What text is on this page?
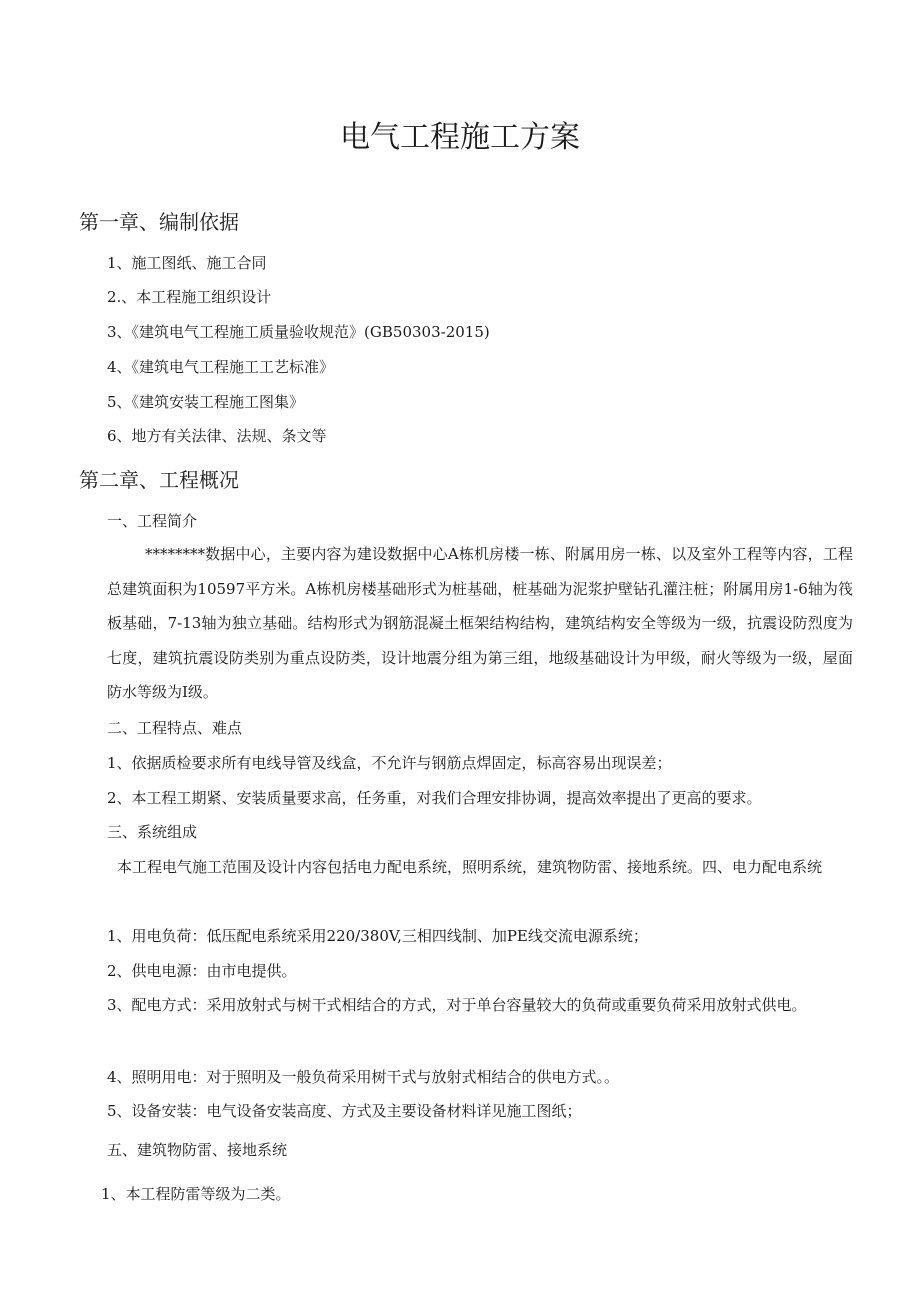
电气工程施工方案
第一章、编制依据
1、施工图纸、施工合同
2.、本工程施工组织设计
3、《建筑电气工程施工质量验收规范》(GB50303-2015)
4、《建筑电气工程施工工艺标准》
5、《建筑安装工程施工图集》
6、地方有关法律、法规、条文等
第二章、工程概况
一、工程简介
********数据中心，主要内容为建设数据中心A栋机房楼一栋、附属用房一栋、以及室外工程等内容，工程总建筑面积为10597平方米。A栋机房楼基础形式为桩基础，桩基础为泥浆护壁钻孔灌注桩；附属用房1-6轴为筏板基础，7-13轴为独立基础。结构形式为钢筋混凝土框架结构结构，建筑结构安全等级为一级，抗震设防烈度为七度，建筑抗震设防类别为重点设防类，设计地震分组为第三组，地级基础设计为甲级，耐火等级为一级，屋面防水等级为I级。
二、工程特点、难点
1、依据质检要求所有电线导管及线盒，不允许与钢筋点焊固定，标高容易出现误差；
2、本工程工期紧、安装质量要求高，任务重，对我们合理安排协调，提高效率提出了更高的要求。
三、系统组成
本工程电气施工范围及设计内容包括电力配电系统，照明系统，建筑物防雷、接地系统。四、电力配电系统
1、用电负荷：低压配电系统采用220/380V,三相四线制、加PE线交流电源系统；
2、供电电源：由市电提供。
3、配电方式：采用放射式与树干式相结合的方式，对于单台容量较大的负荷或重要负荷采用放射式供电。
4、照明用电：对于照明及一般负荷采用树干式与放射式相结合的供电方式。。
5、设备安装：电气设备安装高度、方式及主要设备材料详见施工图纸；
五、建筑物防雷、接地系统
1、本工程防雷等级为二类。
